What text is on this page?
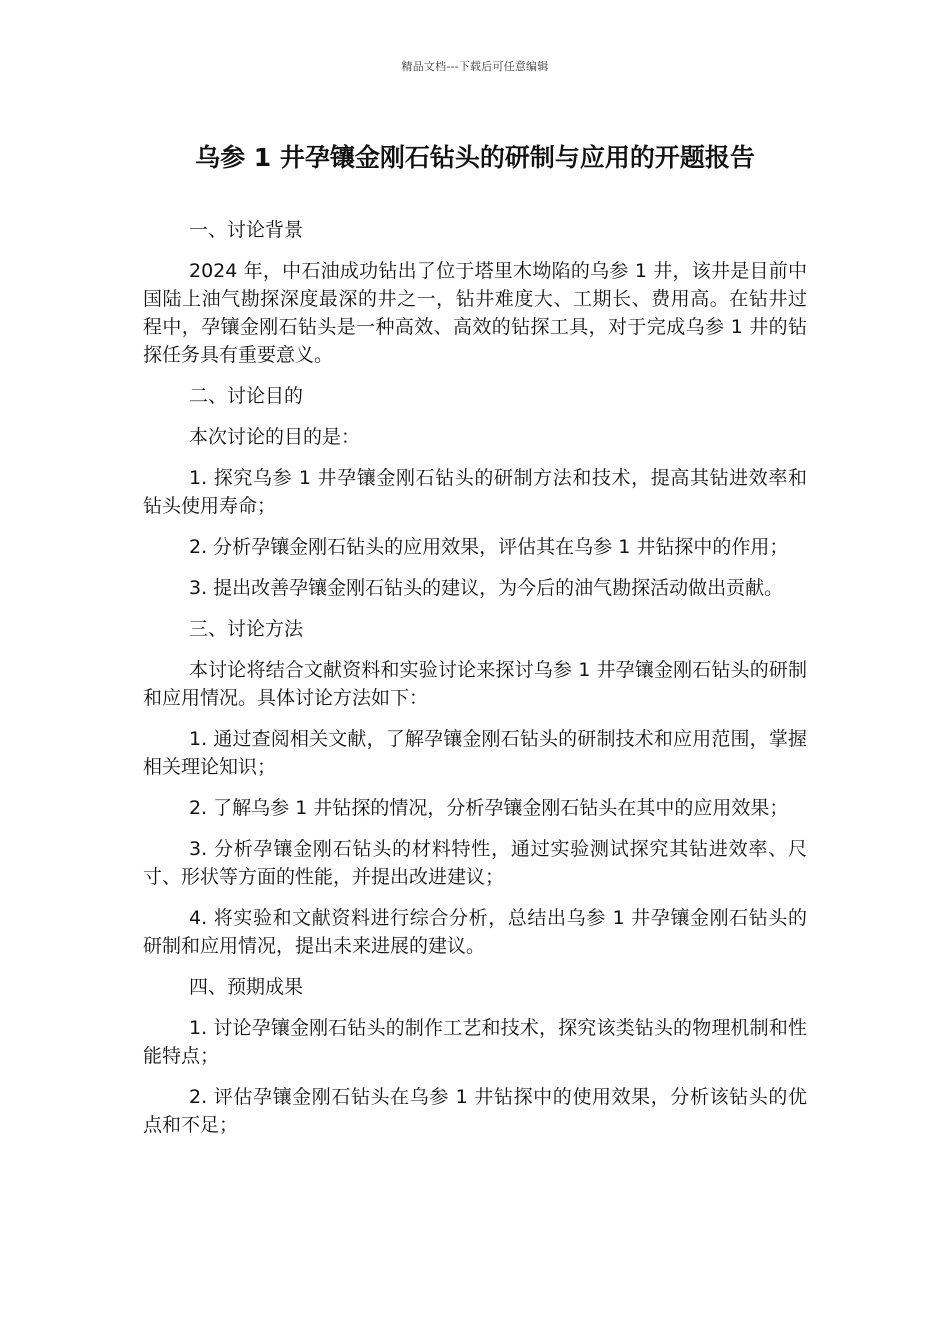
精品文档---下载后可任意编辑
乌参 1 井孕镶金刚石钻头的研制与应用的开题报告

一、讨论背景

2024 年，中石油成功钻出了位于塔里木坳陷的乌参 1 井，该井是目前中国陆上油气勘探深度最深的井之一，钻井难度大、工期长、费用高。在钻井过程中，孕镶金刚石钻头是一种高效、高效的钻探工具，对于完成乌参 1 井的钻探任务具有重要意义。

二、讨论目的

本次讨论的目的是：

1. 探究乌参 1 井孕镶金刚石钻头的研制方法和技术，提高其钻进效率和钻头使用寿命；

2. 分析孕镶金刚石钻头的应用效果，评估其在乌参 1 井钻探中的作用；

3. 提出改善孕镶金刚石钻头的建议，为今后的油气勘探活动做出贡献。

三、讨论方法

本讨论将结合文献资料和实验讨论来探讨乌参 1 井孕镶金刚石钻头的研制和应用情况。具体讨论方法如下：

1. 通过查阅相关文献，了解孕镶金刚石钻头的研制技术和应用范围，掌握相关理论知识；

2. 了解乌参 1 井钻探的情况，分析孕镶金刚石钻头在其中的应用效果；

3. 分析孕镶金刚石钻头的材料特性，通过实验测试探究其钻进效率、尺寸、形状等方面的性能，并提出改进建议；

4. 将实验和文献资料进行综合分析，总结出乌参 1 井孕镶金刚石钻头的研制和应用情况，提出未来进展的建议。

四、预期成果

1. 讨论孕镶金刚石钻头的制作工艺和技术，探究该类钻头的物理机制和性能特点；

2. 评估孕镶金刚石钻头在乌参 1 井钻探中的使用效果，分析该钻头的优点和不足；
